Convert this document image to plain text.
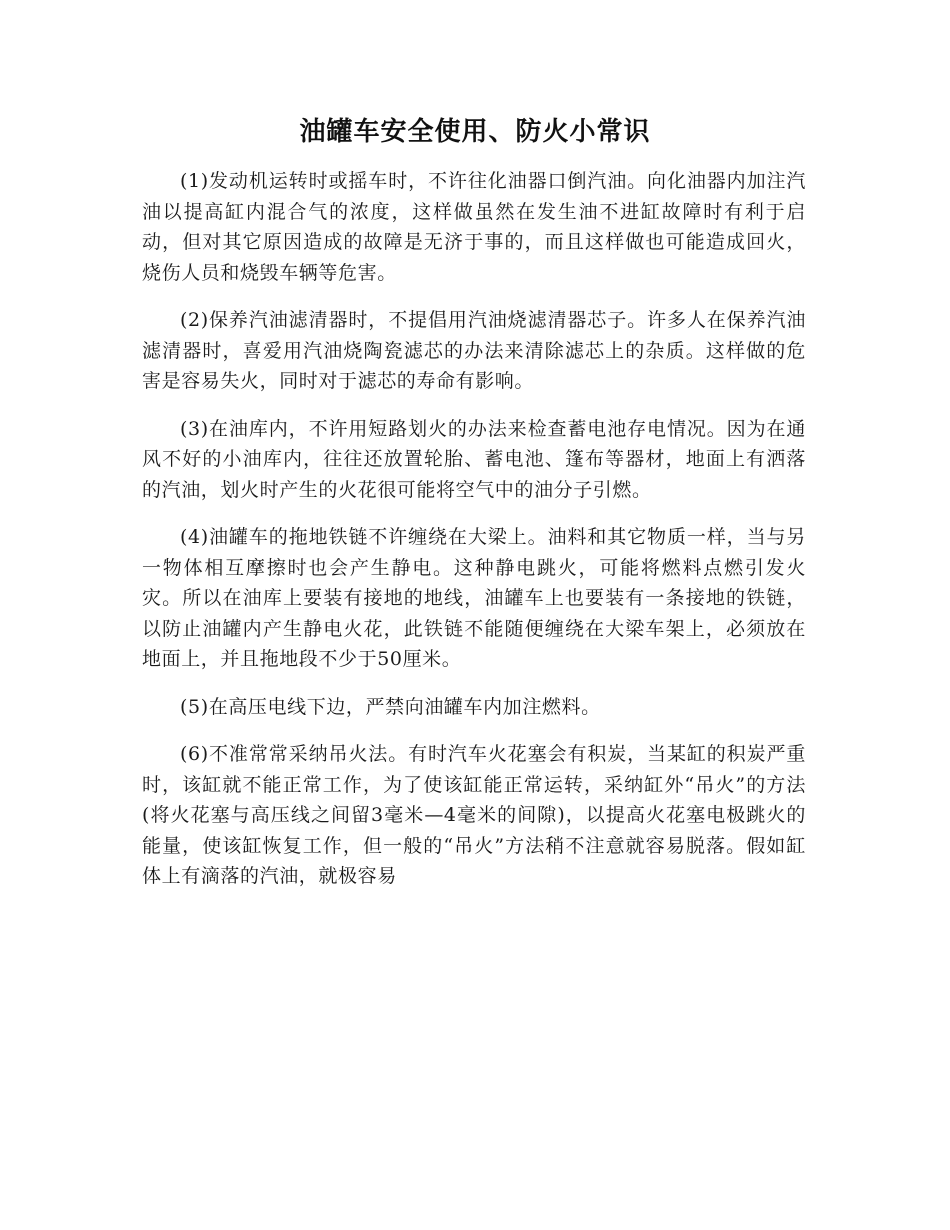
油罐车安全使用、防火小常识

(1)发动机运转时或摇车时，不许往化油器口倒汽油。向化油器内加注汽油以提高缸内混合气的浓度，这样做虽然在发生油不进缸故障时有利于启动，但对其它原因造成的故障是无济于事的，而且这样做也可能造成回火，烧伤人员和烧毁车辆等危害。

(2)保养汽油滤清器时，不提倡用汽油烧滤清器芯子。许多人在保养汽油滤清器时，喜爱用汽油烧陶瓷滤芯的办法来清除滤芯上的杂质。这样做的危害是容易失火，同时对于滤芯的寿命有影响。

(3)在油库内，不许用短路划火的办法来检查蓄电池存电情况。因为在通风不好的小油库内，往往还放置轮胎、蓄电池、篷布等器材，地面上有洒落的汽油，划火时产生的火花很可能将空气中的油分子引燃。

(4)油罐车的拖地铁链不许缠绕在大梁上。油料和其它物质一样，当与另一物体相互摩擦时也会产生静电。这种静电跳火，可能将燃料点燃引发火灾。所以在油库上要装有接地的地线，油罐车上也要装有一条接地的铁链，以防止油罐内产生静电火花，此铁链不能随便缠绕在大梁车架上，必须放在地面上，并且拖地段不少于50厘米。

(5)在高压电线下边，严禁向油罐车内加注燃料。

(6)不准常常采纳吊火法。有时汽车火花塞会有积炭，当某缸的积炭严重时，该缸就不能正常工作，为了使该缸能正常运转，采纳缸外“吊火”的方法(将火花塞与高压线之间留3毫米—4毫米的间隙)，以提高火花塞电极跳火的能量，使该缸恢复工作，但一般的“吊火”方法稍不注意就容易脱落。假如缸体上有滴落的汽油，就极容易
